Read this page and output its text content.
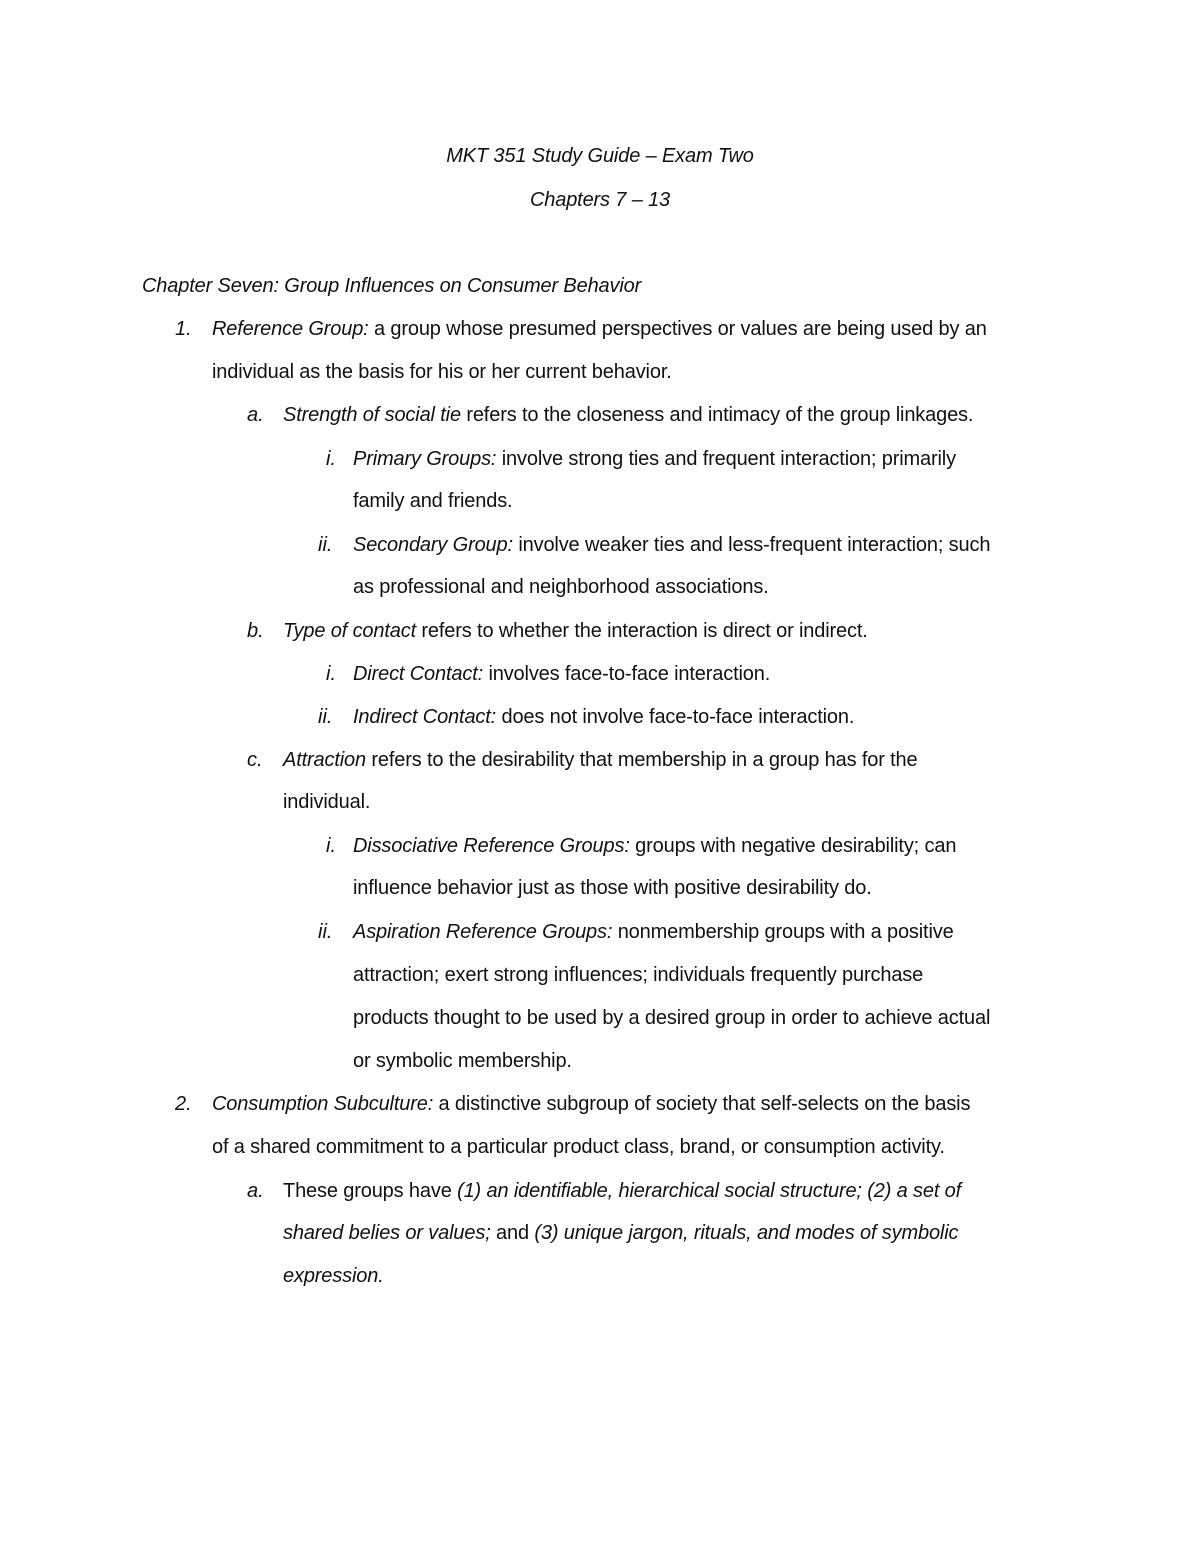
MKT 351 Study Guide – Exam Two
Chapters 7 – 13
Chapter Seven: Group Influences on Consumer Behavior
1. Reference Group: a group whose presumed perspectives or values are being used by an
individual as the basis for his or her current behavior.
a. Strength of social tie refers to the closeness and intimacy of the group linkages.
i. Primary Groups: involve strong ties and frequent interaction; primarily
family and friends.
ii. Secondary Group: involve weaker ties and less-frequent interaction; such
as professional and neighborhood associations.
b. Type of contact refers to whether the interaction is direct or indirect.
i. Direct Contact: involves face-to-face interaction.
ii. Indirect Contact: does not involve face-to-face interaction.
c. Attraction refers to the desirability that membership in a group has for the
individual.
i. Dissociative Reference Groups: groups with negative desirability; can
influence behavior just as those with positive desirability do.
ii. Aspiration Reference Groups: nonmembership groups with a positive
attraction; exert strong influences; individuals frequently purchase
products thought to be used by a desired group in order to achieve actual
or symbolic membership.
2. Consumption Subculture: a distinctive subgroup of society that self-selects on the basis
of a shared commitment to a particular product class, brand, or consumption activity.
a. These groups have (1) an identifiable, hierarchical social structure; (2) a set of
shared belies or values; and (3) unique jargon, rituals, and modes of symbolic
expression.
